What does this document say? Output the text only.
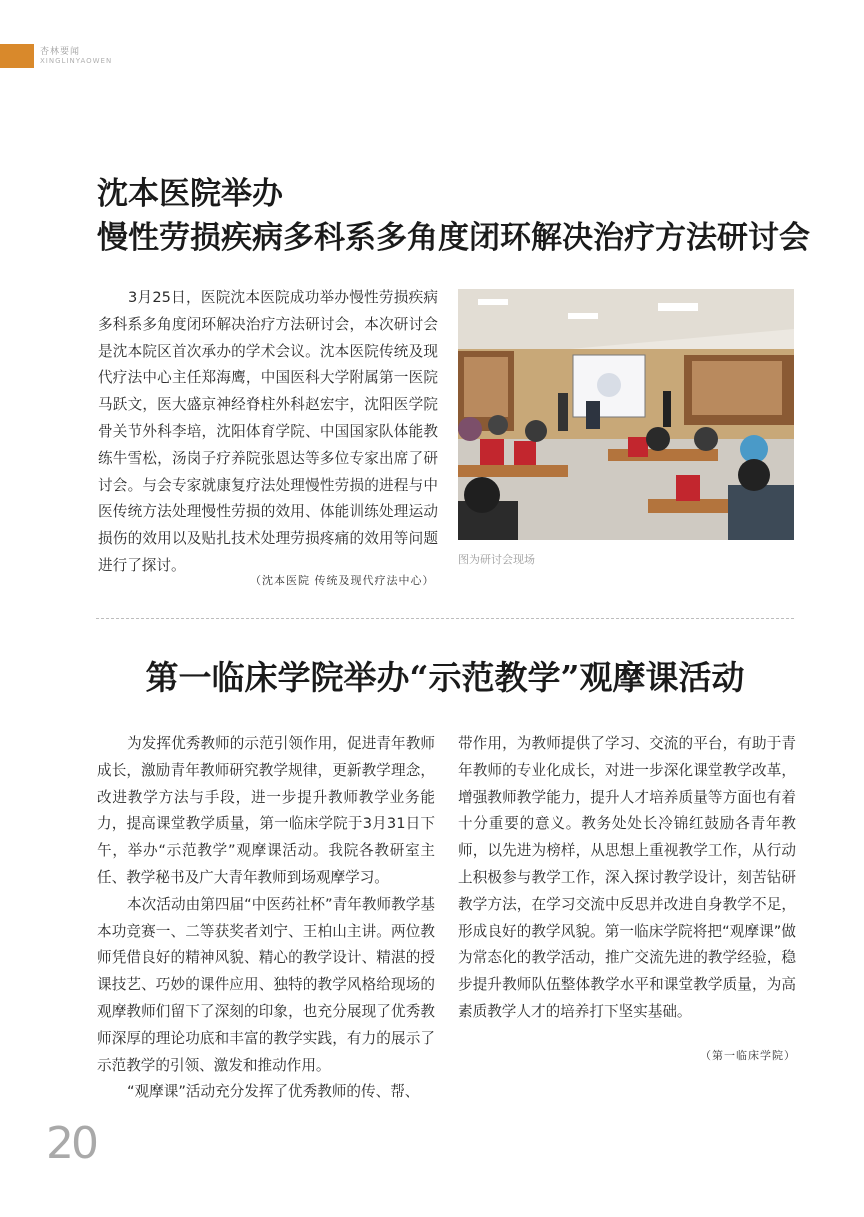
杏林要闻
XINGLINYAOWEN
沈本医院举办
慢性劳损疾病多科系多角度闭环解决治疗方法研讨会

3月25日，医院沈本医院成功举办慢性劳损疾病多科系多角度闭环解决治疗方法研讨会，本次研讨会是沈本院区首次承办的学术会议。沈本医院传统及现代疗法中心主任郑海鹰，中国医科大学附属第一医院马跃文，医大盛京神经脊柱外科赵宏宇，沈阳医学院骨关节外科李培，沈阳体育学院、中国国家队体能教练牛雪松，汤岗子疗养院张恩达等多位专家出席了研讨会。与会专家就康复疗法处理慢性劳损的进程与中医传统方法处理慢性劳损的效用、体能训练处理运动损伤的效用以及贴扎技术处理劳损疼痛的效用等问题进行了探讨。

（沈本医院 传统及现代疗法中心）
图为研讨会现场
第一临床学院举办“示范教学”观摩课活动

为发挥优秀教师的示范引领作用，促进青年教师成长，激励青年教师研究教学规律，更新教学理念，改进教学方法与手段，进一步提升教师教学业务能力，提高课堂教学质量，第一临床学院于3月31日下午，举办“示范教学”观摩课活动。我院各教研室主任、教学秘书及广大青年教师到场观摩学习。

本次活动由第四届“中医药社杯”青年教师教学基本功竞赛一、二等获奖者刘宁、王柏山主讲。两位教师凭借良好的精神风貌、精心的教学设计、精湛的授课技艺、巧妙的课件应用、独特的教学风格给现场的观摩教师们留下了深刻的印象，也充分展现了优秀教师深厚的理论功底和丰富的教学实践，有力的展示了示范教学的引领、激发和推动作用。

“观摩课”活动充分发挥了优秀教师的传、帮、

带作用，为教师提供了学习、交流的平台，有助于青年教师的专业化成长，对进一步深化课堂教学改革，增强教师教学能力，提升人才培养质量等方面也有着十分重要的意义。教务处处长冷锦红鼓励各青年教师，以先进为榜样，从思想上重视教学工作，从行动上积极参与教学工作，深入探讨教学设计，刻苦钻研教学方法，在学习交流中反思并改进自身教学不足，形成良好的教学风貌。第一临床学院将把“观摩课”做为常态化的教学活动，推广交流先进的教学经验，稳步提升教师队伍整体教学水平和课堂教学质量，为高素质教学人才的培养打下坚实基础。

（第一临床学院）
20
